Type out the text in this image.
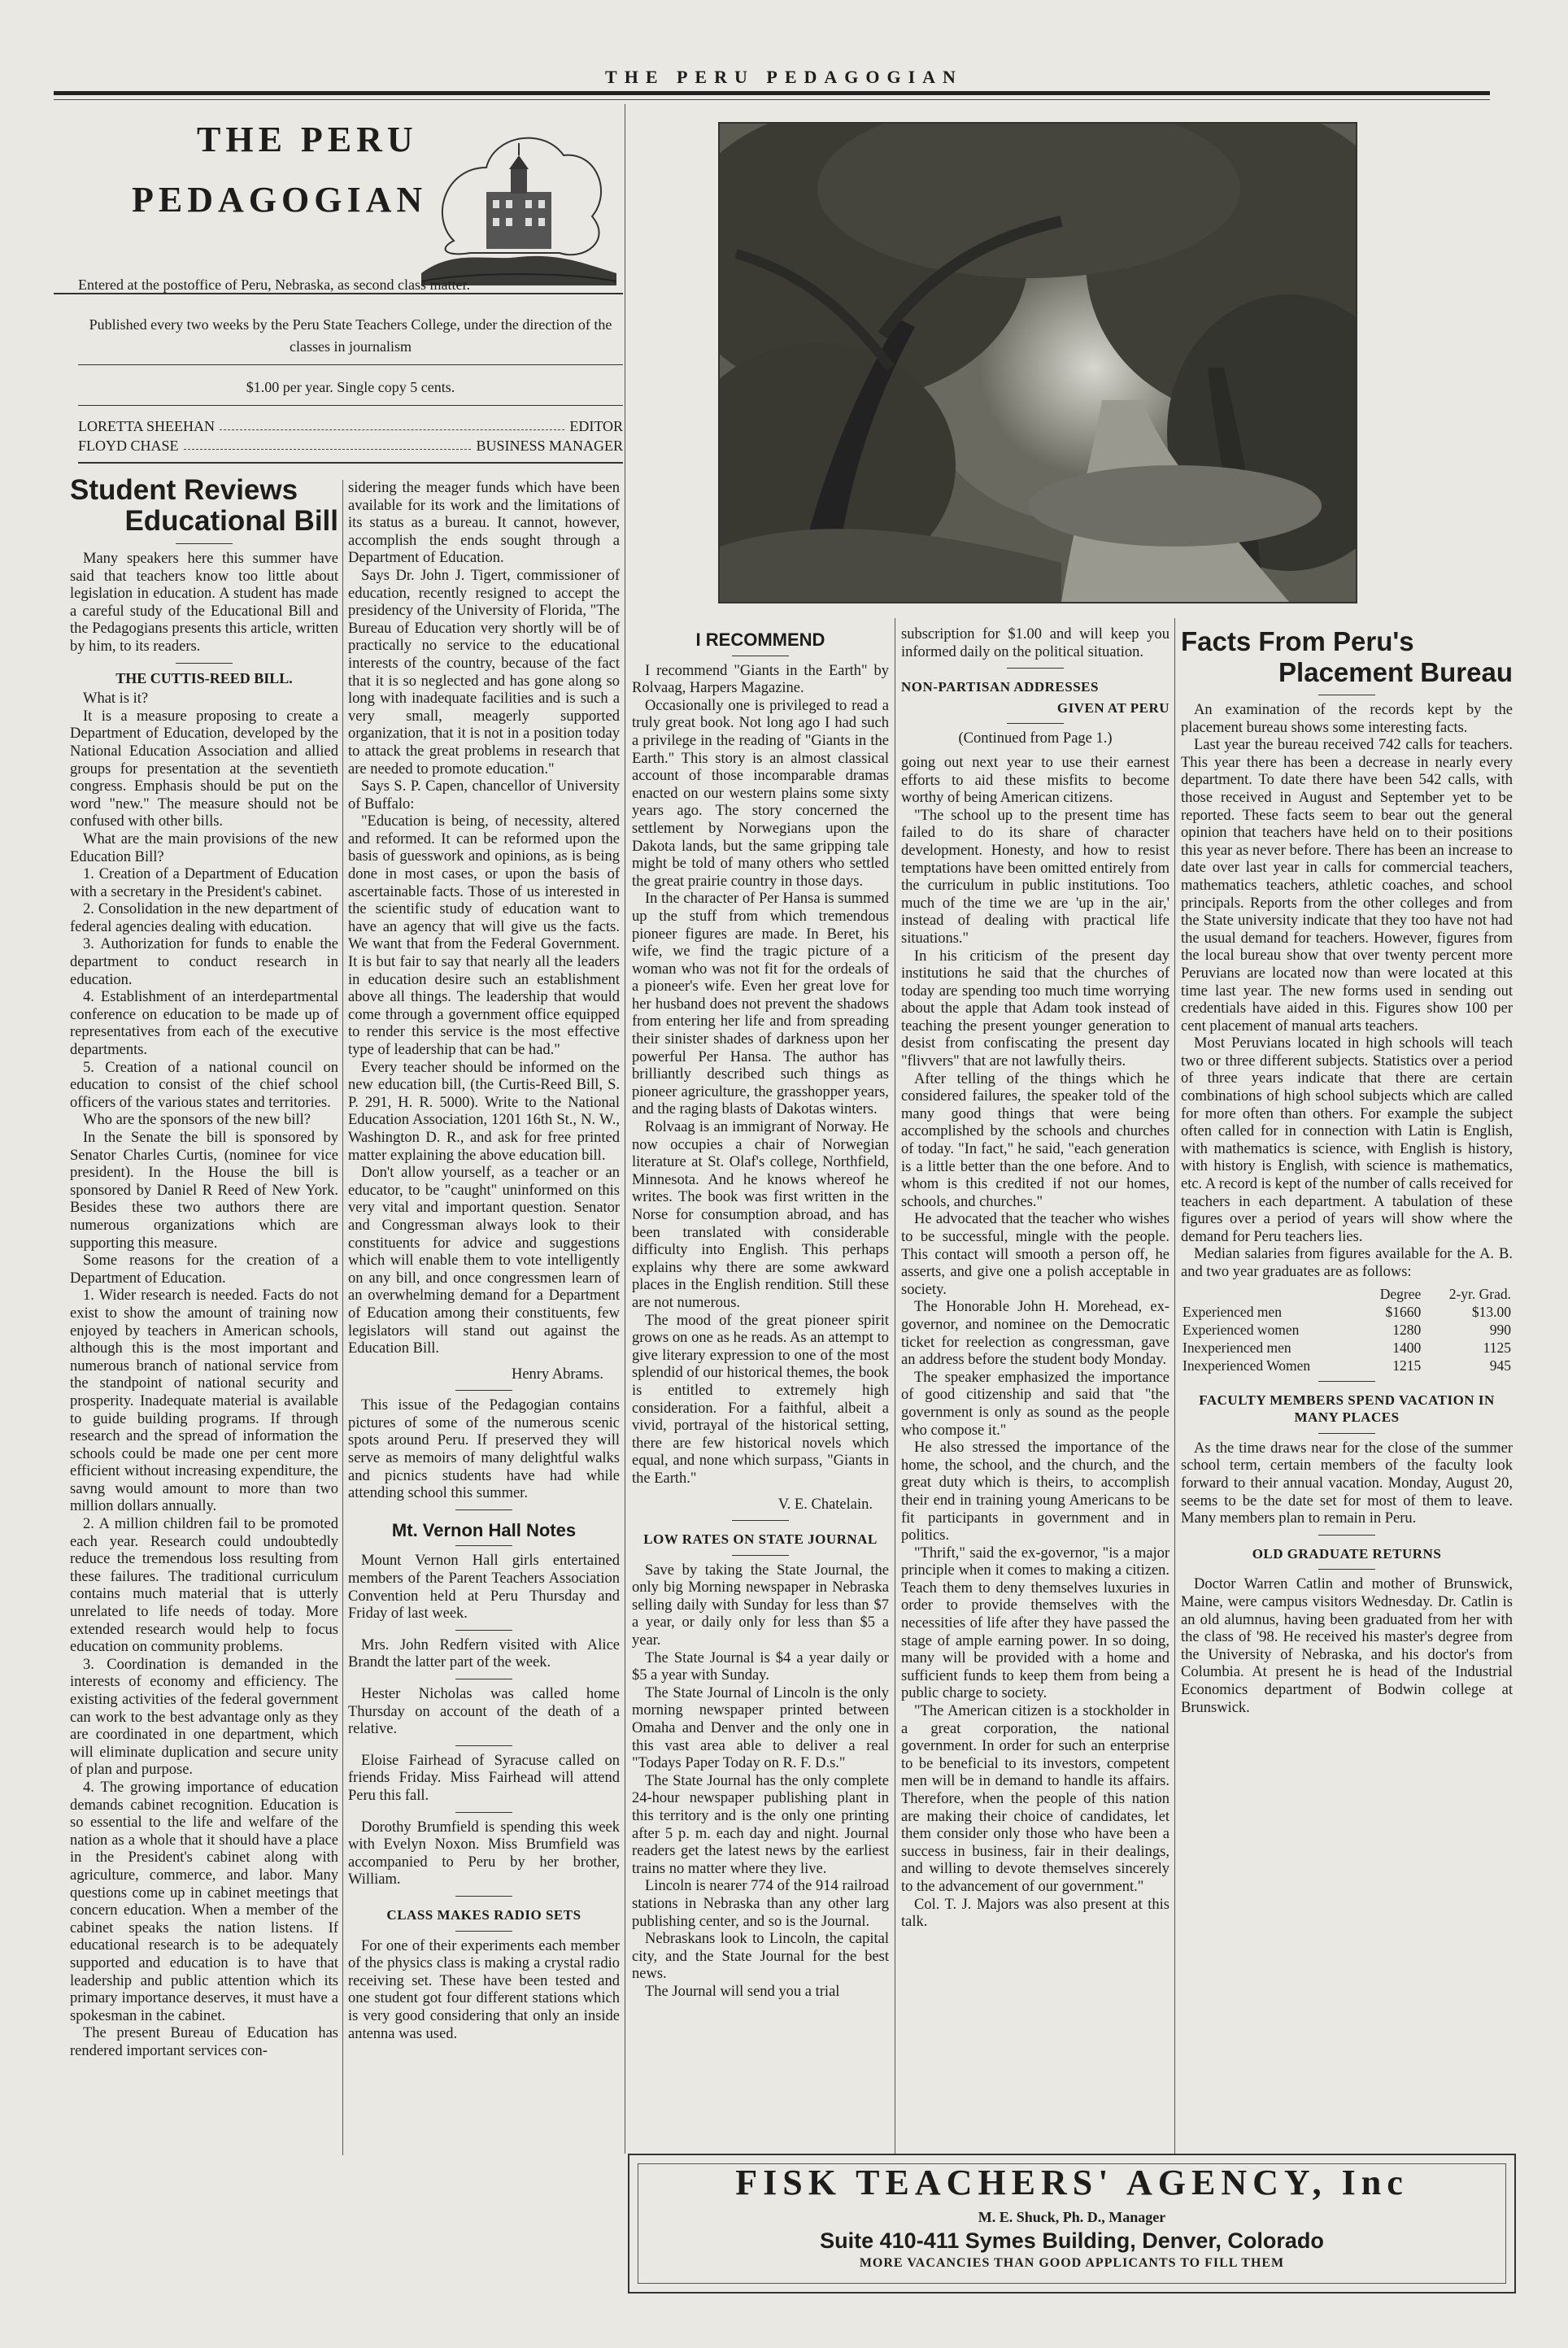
THE PERU PEDAGOGIAN
THE PERU
PEDAGOGIAN
Entered at the postoffice of Peru, Nebraska, as second class matter.
Published every two weeks by the Peru State Teachers College, under the direction of the classes in journalism
$1.00 per year. Single copy 5 cents.
LORETTA SHEEHAN	EDITOR
FLOYD CHASE	BUSINESS MANAGER
Student Reviews
Educational Bill

Many speakers here this summer have said that teachers know too little about legislation in education. A student has made a careful study of the Educational Bill and the Pedagogians presents this article, written by him, to its readers.

THE CUTTIS-REED BILL.

What is it?

It is a measure proposing to create a Department of Education, developed by the National Education Association and allied groups for presentation at the seventieth congress. Emphasis should be put on the word "new." The measure should not be confused with other bills.

What are the main provisions of the new Education Bill?

1. Creation of a Department of Education with a secretary in the President's cabinet.

2. Consolidation in the new department of federal agencies dealing with education.

3. Authorization for funds to enable the department to conduct research in education.

4. Establishment of an interdepartmental conference on education to be made up of representatives from each of the executive departments.

5. Creation of a national council on education to consist of the chief school officers of the various states and territories.

Who are the sponsors of the new bill?

In the Senate the bill is sponsored by Senator Charles Curtis, (nominee for vice president). In the House the bill is sponsored by Daniel R Reed of New York. Besides these two authors there are numerous organizations which are supporting this measure.

Some reasons for the creation of a Department of Education.

1. Wider research is needed. Facts do not exist to show the amount of training now enjoyed by teachers in American schools, although this is the most important and numerous branch of national service from the standpoint of national security and prosperity. Inadequate material is available to guide building programs. If through research and the spread of information the schools could be made one per cent more efficient without increasing expenditure, the savng would amount to more than two million dollars annually.

2. A million children fail to be promoted each year. Research could undoubtedly reduce the tremendous loss resulting from these failures. The traditional curriculum contains much material that is utterly unrelated to life needs of today. More extended research would help to focus education on community problems.

3. Coordination is demanded in the interests of economy and efficiency. The existing activities of the federal government can work to the best advantage only as they are coordinated in one department, which will eliminate duplication and secure unity of plan and purpose.

4. The growing importance of education demands cabinet recognition. Education is so essential to the life and welfare of the nation as a whole that it should have a place in the President's cabinet along with agriculture, commerce, and labor. Many questions come up in cabinet meetings that concern education. When a member of the cabinet speaks the nation listens. If educational research is to be adequately supported and education is to have that leadership and public attention which its primary importance deserves, it must have a spokesman in the cabinet.

The present Bureau of Education has rendered important services con-

sidering the meager funds which have been available for its work and the limitations of its status as a bureau. It cannot, however, accomplish the ends sought through a Department of Education.

Says Dr. John J. Tigert, commissioner of education, recently resigned to accept the presidency of the University of Florida, "The Bureau of Education very shortly will be of practically no service to the educational interests of the country, because of the fact that it is so neglected and has gone along so long with inadequate facilities and is such a very small, meagerly supported organization, that it is not in a position today to attack the great problems in research that are needed to promote education."

Says S. P. Capen, chancellor of University of Buffalo:

"Education is being, of necessity, altered and reformed. It can be reformed upon the basis of guesswork and opinions, as is being done in most cases, or upon the basis of ascertainable facts. Those of us interested in the scientific study of education want to have an agency that will give us the facts. We want that from the Federal Government. It is but fair to say that nearly all the leaders in education desire such an establishment above all things. The leadership that would come through a government office equipped to render this service is the most effective type of leadership that can be had."

Every teacher should be informed on the new education bill, (the Curtis-Reed Bill, S. P. 291, H. R. 5000). Write to the National Education Association, 1201 16th St., N. W., Washington D. R., and ask for free printed matter explaining the above education bill.

Don't allow yourself, as a teacher or an educator, to be "caught" uninformed on this very vital and important question. Senator and Congressman always look to their constituents for advice and suggestions which will enable them to vote intelligently on any bill, and once congressmen learn of an overwhelming demand for a Department of Education among their constituents, few legislators will stand out against the Education Bill.

Henry Abrams.

This issue of the Pedagogian contains pictures of some of the numerous scenic spots around Peru. If preserved they will serve as memoirs of many delightful walks and picnics students have had while attending school this summer.

Mt. Vernon Hall Notes

Mount Vernon Hall girls entertained members of the Parent Teachers Association Convention held at Peru Thursday and Friday of last week.

Mrs. John Redfern visited with Alice Brandt the latter part of the week.

Hester Nicholas was called home Thursday on account of the death of a relative.

Eloise Fairhead of Syracuse called on friends Friday. Miss Fairhead will attend Peru this fall.

Dorothy Brumfield is spending this week with Evelyn Noxon. Miss Brumfield was accompanied to Peru by her brother, William.

CLASS MAKES RADIO SETS

For one of their experiments each member of the physics class is making a crystal radio receiving set. These have been tested and one student got four different stations which is very good considering that only an inside antenna was used.

I RECOMMEND

I recommend "Giants in the Earth" by Rolvaag, Harpers Magazine.

Occasionally one is privileged to read a truly great book. Not long ago I had such a privilege in the reading of "Giants in the Earth." This story is an almost classical account of those incomparable dramas enacted on our western plains some sixty years ago. The story concerned the settlement by Norwegians upon the Dakota lands, but the same gripping tale might be told of many others who settled the great prairie country in those days.

In the character of Per Hansa is summed up the stuff from which tremendous pioneer figures are made. In Beret, his wife, we find the tragic picture of a woman who was not fit for the ordeals of a pioneer's wife. Even her great love for her husband does not prevent the shadows from entering her life and from spreading their sinister shades of darkness upon her powerful Per Hansa. The author has brilliantly described such things as pioneer agriculture, the grasshopper years, and the raging blasts of Dakotas winters.

Rolvaag is an immigrant of Norway. He now occupies a chair of Norwegian literature at St. Olaf's college, Northfield, Minnesota. And he knows whereof he writes. The book was first written in the Norse for consumption abroad, and has been translated with considerable difficulty into English. This perhaps explains why there are some awkward places in the English rendition. Still these are not numerous.

The mood of the great pioneer spirit grows on one as he reads. As an attempt to give literary expression to one of the most splendid of our historical themes, the book is entitled to extremely high consideration. For a faithful, albeit a vivid, portrayal of the historical setting, there are few historical novels which equal, and none which surpass, "Giants in the Earth."

V. E. Chatelain.

LOW RATES ON STATE JOURNAL

Save by taking the State Journal, the only big Morning newspaper in Nebraska selling daily with Sunday for less than $7 a year, or daily only for less than $5 a year.

The State Journal is $4 a year daily or $5 a year with Sunday.

The State Journal of Lincoln is the only morning newspaper printed between Omaha and Denver and the only one in this vast area able to deliver a real "Todays Paper Today on R. F. D.s."

The State Journal has the only complete 24-hour newspaper publishing plant in this territory and is the only one printing after 5 p. m. each day and night. Journal readers get the latest news by the earliest trains no matter where they live.

Lincoln is nearer 774 of the 914 railroad stations in Nebraska than any other larg publishing center, and so is the Journal.

Nebraskans look to Lincoln, the capital city, and the State Journal for the best news.

The Journal will send you a trial

subscription for $1.00 and will keep you informed daily on the political situation.

NON-PARTISAN ADDRESSES
GIVEN AT PERU

(Continued from Page 1.)

going out next year to use their earnest efforts to aid these misfits to become worthy of being American citizens.

"The school up to the present time has failed to do its share of character development. Honesty, and how to resist temptations have been omitted entirely from the curriculum in public institutions. Too much of the time we are 'up in the air,' instead of dealing with practical life situations."

In his criticism of the present day institutions he said that the churches of today are spending too much time worrying about the apple that Adam took instead of teaching the present younger generation to desist from confiscating the present day "flivvers" that are not lawfully theirs.

After telling of the things which he considered failures, the speaker told of the many good things that were being accomplished by the schools and churches of today. "In fact," he said, "each generation is a little better than the one before. And to whom is this credited if not our homes, schools, and churches."

He advocated that the teacher who wishes to be successful, mingle with the people. This contact will smooth a person off, he asserts, and give one a polish acceptable in society.

The Honorable John H. Morehead, ex-governor, and nominee on the Democratic ticket for reelection as congressman, gave an address before the student body Monday.

The speaker emphasized the importance of good citizenship and said that "the government is only as sound as the people who compose it."

He also stressed the importance of the home, the school, and the church, and the great duty which is theirs, to accomplish their end in training young Americans to be fit participants in government and in politics.

"Thrift," said the ex-governor, "is a major principle when it comes to making a citizen. Teach them to deny themselves luxuries in order to provide themselves with the necessities of life after they have passed the stage of ample earning power. In so doing, many will be provided with a home and sufficient funds to keep them from being a public charge to society.

"The American citizen is a stockholder in a great corporation, the national government. In order for such an enterprise to be beneficial to its investors, competent men will be in demand to handle its affairs. Therefore, when the people of this nation are making their choice of candidates, let them consider only those who have been a success in business, fair in their dealings, and willing to devote themselves sincerely to the advancement of our government."

Col. T. J. Majors was also present at this talk.

Facts From Peru's
Placement Bureau

An examination of the records kept by the placement bureau shows some interesting facts.

Last year the bureau received 742 calls for teachers. This year there has been a decrease in nearly every department. To date there have been 542 calls, with those received in August and September yet to be reported. These facts seem to bear out the general opinion that teachers have held on to their positions this year as never before. There has been an increase to date over last year in calls for commercial teachers, mathematics teachers, athletic coaches, and school principals. Reports from the other colleges and from the State university indicate that they too have not had the usual demand for teachers. However, figures from the local bureau show that over twenty percent more Peruvians are located now than were located at this time last year. The new forms used in sending out credentials have aided in this. Figures show 100 per cent placement of manual arts teachers.

Most Peruvians located in high schools will teach two or three different subjects. Statistics over a period of three years indicate that there are certain combinations of high school subjects which are called for more often than others. For example the subject often called for in connection with Latin is English, with mathematics is science, with English is history, with history is English, with science is mathematics, etc. A record is kept of the number of calls received for teachers in each department. A tabulation of these figures over a period of years will show where the demand for Peru teachers lies.

Median salaries from figures available for the A. B. and two year graduates are as follows:

	Degree	2-yr. Grad.
Experienced men	$1660	$13.00
Experienced women	1280	990
Inexperienced men	1400	1125
Inexperienced Women	1215	945
FACULTY MEMBERS SPEND VACATION IN MANY PLACES

As the time draws near for the close of the summer school term, certain members of the faculty look forward to their annual vacation. Monday, August 20, seems to be the date set for most of them to leave. Many members plan to remain in Peru.

OLD GRADUATE RETURNS

Doctor Warren Catlin and mother of Brunswick, Maine, were campus visitors Wednesday. Dr. Catlin is an old alumnus, having been graduated from her with the class of '98. He received his master's degree from the University of Nebraska, and his doctor's from Columbia. At present he is head of the Industrial Economics department of Bodwin college at Brunswick.

FISK TEACHERS' AGENCY, Inc
M. E. Shuck, Ph. D., Manager
Suite 410-411 Symes Building, Denver, Colorado
MORE VACANCIES THAN GOOD APPLICANTS TO FILL THEM
